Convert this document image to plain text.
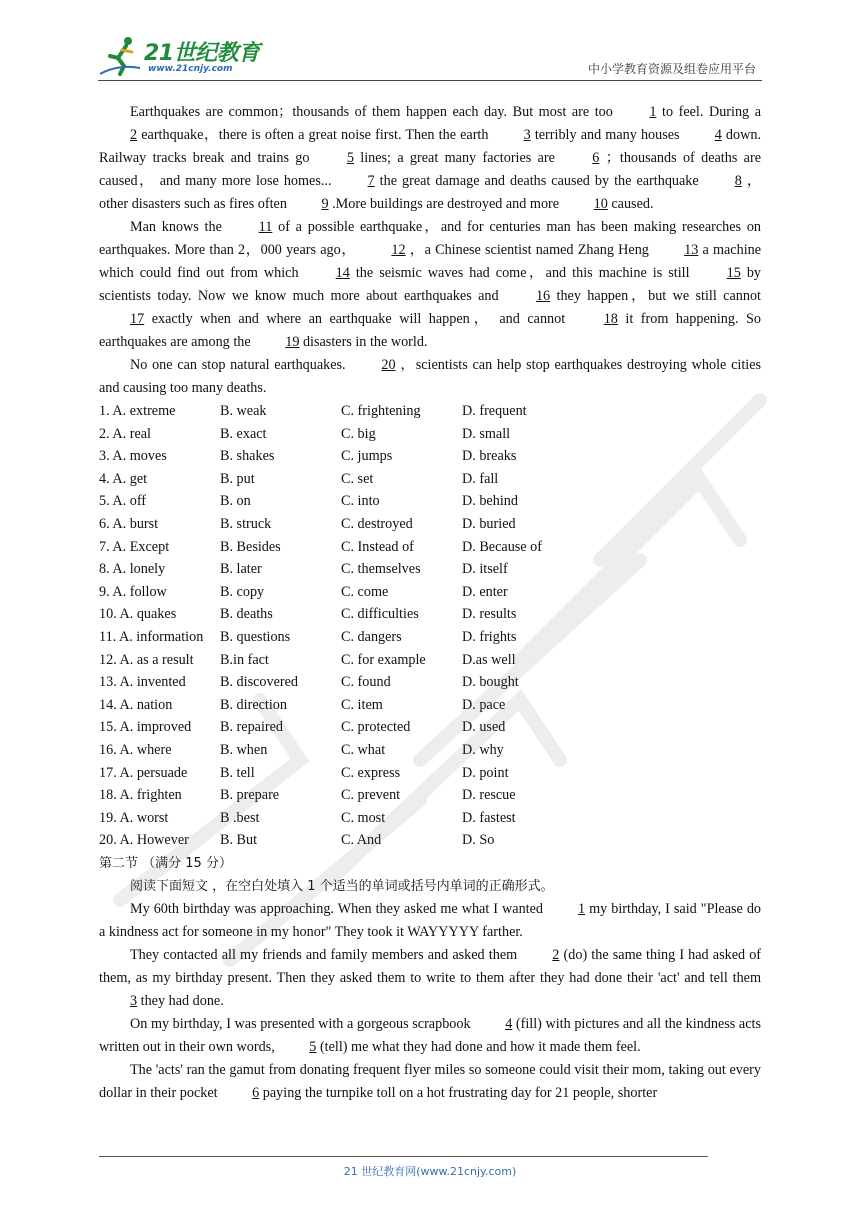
21世纪教育
www.21cnjy.com	中小学教育资源及组卷应用平台

Earthquakes are common；thousands of them happen each day. But most are too	1 to feel. During a 2 earthquake，there is often a great noise first. Then the earth 3 terribly and many houses 4 down. Railway tracks break and trains go	5 lines; a great many factories are	6 ；thousands of deaths are caused， and many more lose homes...	7 the great damage and deaths caused by the earthquake	8 ，other disasters such as fires often 9 .More buildings are destroyed and more 10 caused.

Man knows the	11 of a possible earthquake，and for centuries man has been making researches on earthquakes. More than 2，000 years ago， 12 ，a Chinese scientist named Zhang Heng 13 a machine which could find out from which	14 the seismic waves had come，and this machine is still	15 by scientists today. Now we know much more about earthquakes and	16 they happen，but we still cannot 17 exactly when and where an earthquake will happen， and cannot	18 it from happening. So earthquakes are among the 19 disasters in the world.

No one can stop natural earthquakes.	20 ，scientists can help stop earthquakes destroying whole cities and causing too many deaths.

1. A. extreme	B. weak	C. frightening	D. frequent
2. A. real	B. exact	C. big	D. small
3. A. moves	B. shakes	C. jumps	D. breaks
4. A. get	B. put	C. set	D. fall
5. A. off	B. on	C. into	D. behind
6. A. burst	B. struck	C. destroyed	D. buried
7. A. Except	B. Besides	C. Instead of	D. Because of
8. A. lonely	B. later	C. themselves	D. itself
9. A. follow	B. copy	C. come	D. enter
10. A. quakes	B. deaths	C. difficulties	D. results
11. A. information	B. questions	C. dangers	D. frights
12. A. as a result	B.in fact	C. for example	D.as well
13. A. invented	B. discovered	C. found	D. bought
14. A. nation	B. direction	C. item	D. pace
15. A. improved	B. repaired	C. protected	D. used
16. A. where	B. when	C. what	D. why
17. A. persuade	B. tell	C. express	D. point
18. A. frighten	B. prepare	C. prevent	D. rescue
19. A. worst	B .best	C. most	D. fastest
20. A. However	B. But	C. And	D. So

第二节 （满分 15 分）

阅读下面短文 ，在空白处填入 1 个适当的单词或括号内单词的正确形式。

My 60th birthday was approaching. When they asked me what I wanted 1 my birthday, I said "Please do a kindness act for someone in my honor" They took it WAYYYYY farther.

They contacted all my friends and family members and asked them 2 (do) the same thing I had asked of them, as my birthday present. Then they asked them to write to them after they had done their 'act' and tell them 3 they had done.

On my birthday, I was presented with a gorgeous scrapbook 4 (fill) with pictures and all the kindness acts written out in their own words, 5 (tell) me what they had done and how it made them feel.

The 'acts' ran the gamut from donating frequent flyer miles so someone could visit their mom, taking out every dollar in their pocket 6 paying the turnpike toll on a hot frustrating day for 21 people, shorter

21 世纪教育网(www.21cnjy.com)
